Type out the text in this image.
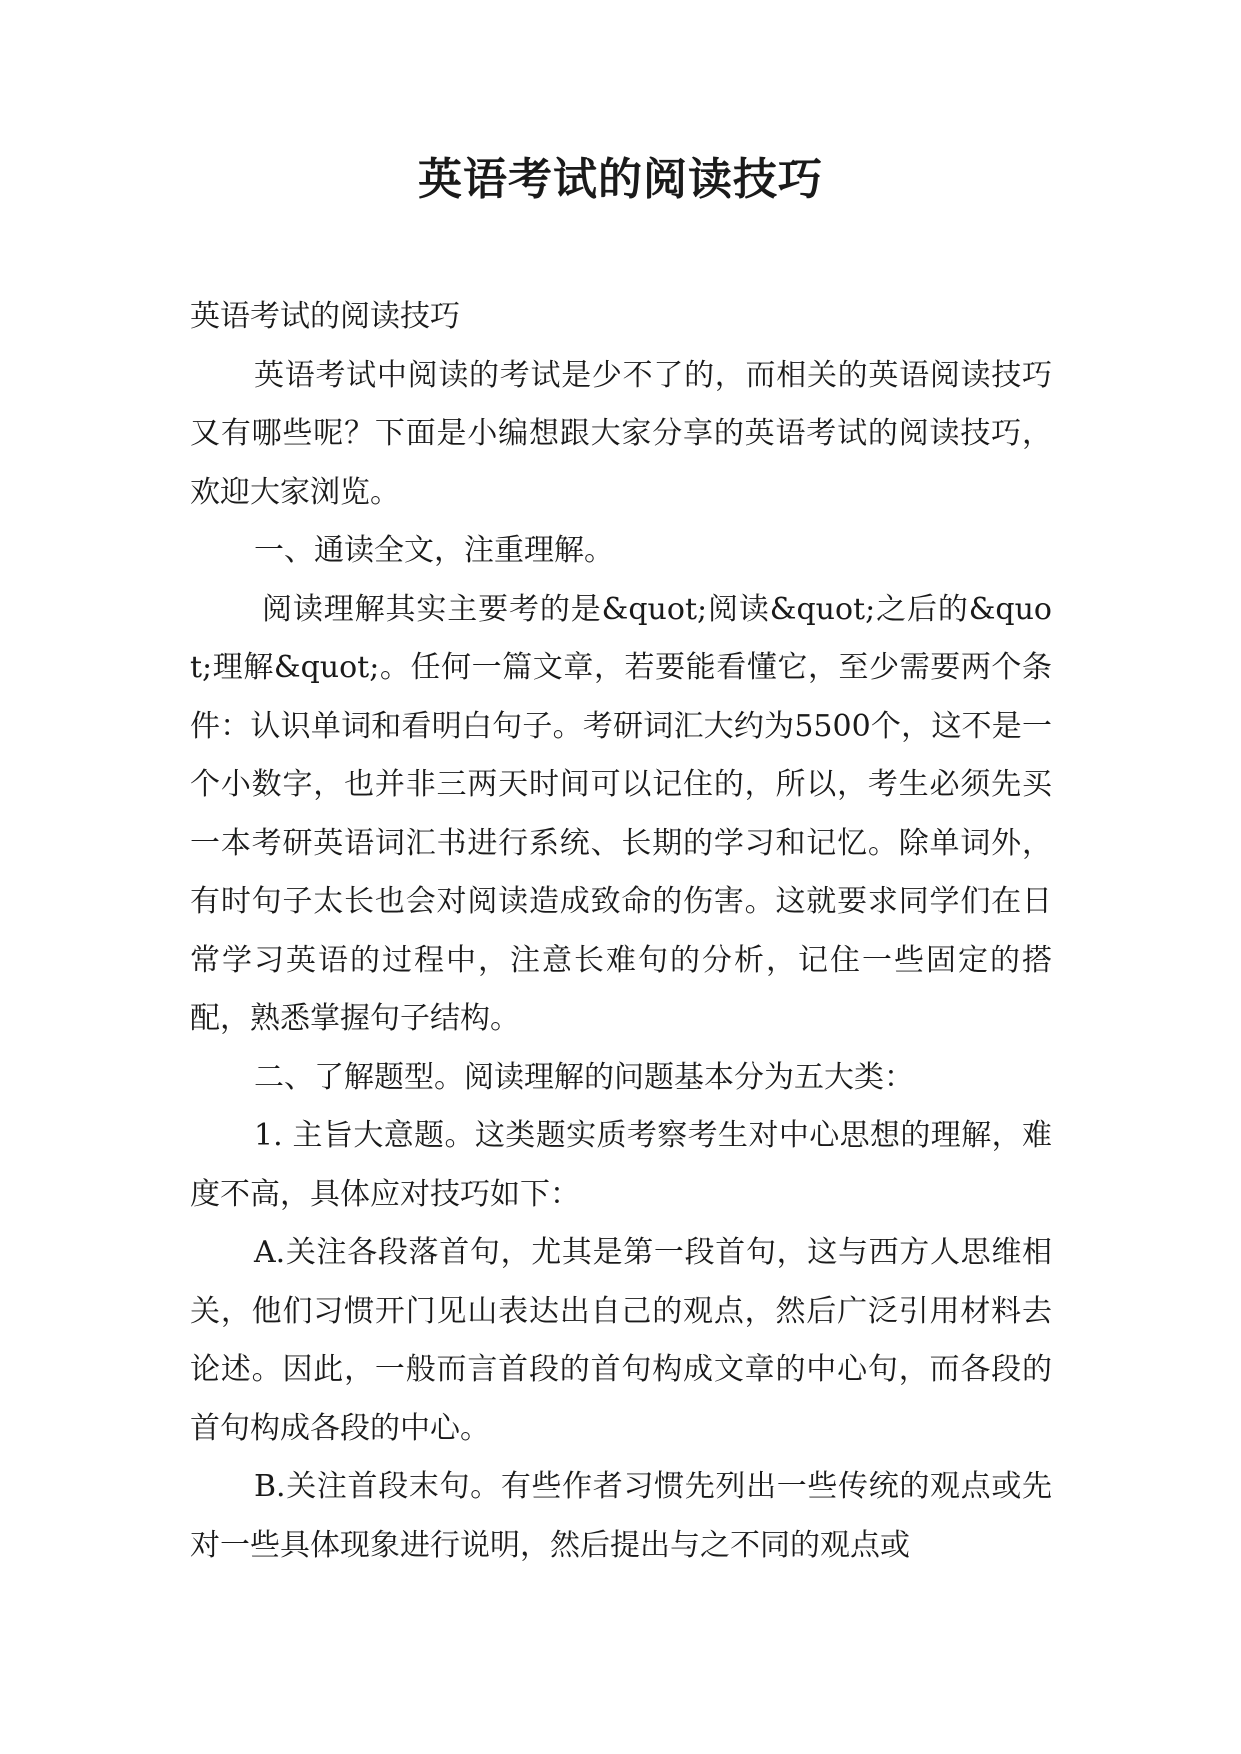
英语考试的阅读技巧

英语考试的阅读技巧

英语考试中阅读的考试是少不了的，而相关的英语阅读技巧又有哪些呢？下面是小编想跟大家分享的英语考试的阅读技巧，欢迎大家浏览。

一、通读全文，注重理解。

阅读理解其实主要考的是&quot;阅读&quot;之后的&quot;理解&quot;。任何一篇文章，若要能看懂它，至少需要两个条件：认识单词和看明白句子。考研词汇大约为5500个，这不是一个小数字，也并非三两天时间可以记住的，所以，考生必须先买一本考研英语词汇书进行系统、长期的学习和记忆。除单词外，有时句子太长也会对阅读造成致命的伤害。这就要求同学们在日常学习英语的过程中，注意长难句的分析，记住一些固定的搭配，熟悉掌握句子结构。

二、了解题型。阅读理解的问题基本分为五大类：

1. 主旨大意题。这类题实质考察考生对中心思想的理解，难度不高，具体应对技巧如下：

A.关注各段落首句，尤其是第一段首句，这与西方人思维相关，他们习惯开门见山表达出自己的观点，然后广泛引用材料去论述。因此，一般而言首段的首句构成文章的中心句，而各段的首句构成各段的中心。

B.关注首段末句。有些作者习惯先列出一些传统的观点或先对一些具体现象进行说明，然后提出与之不同的观点或
